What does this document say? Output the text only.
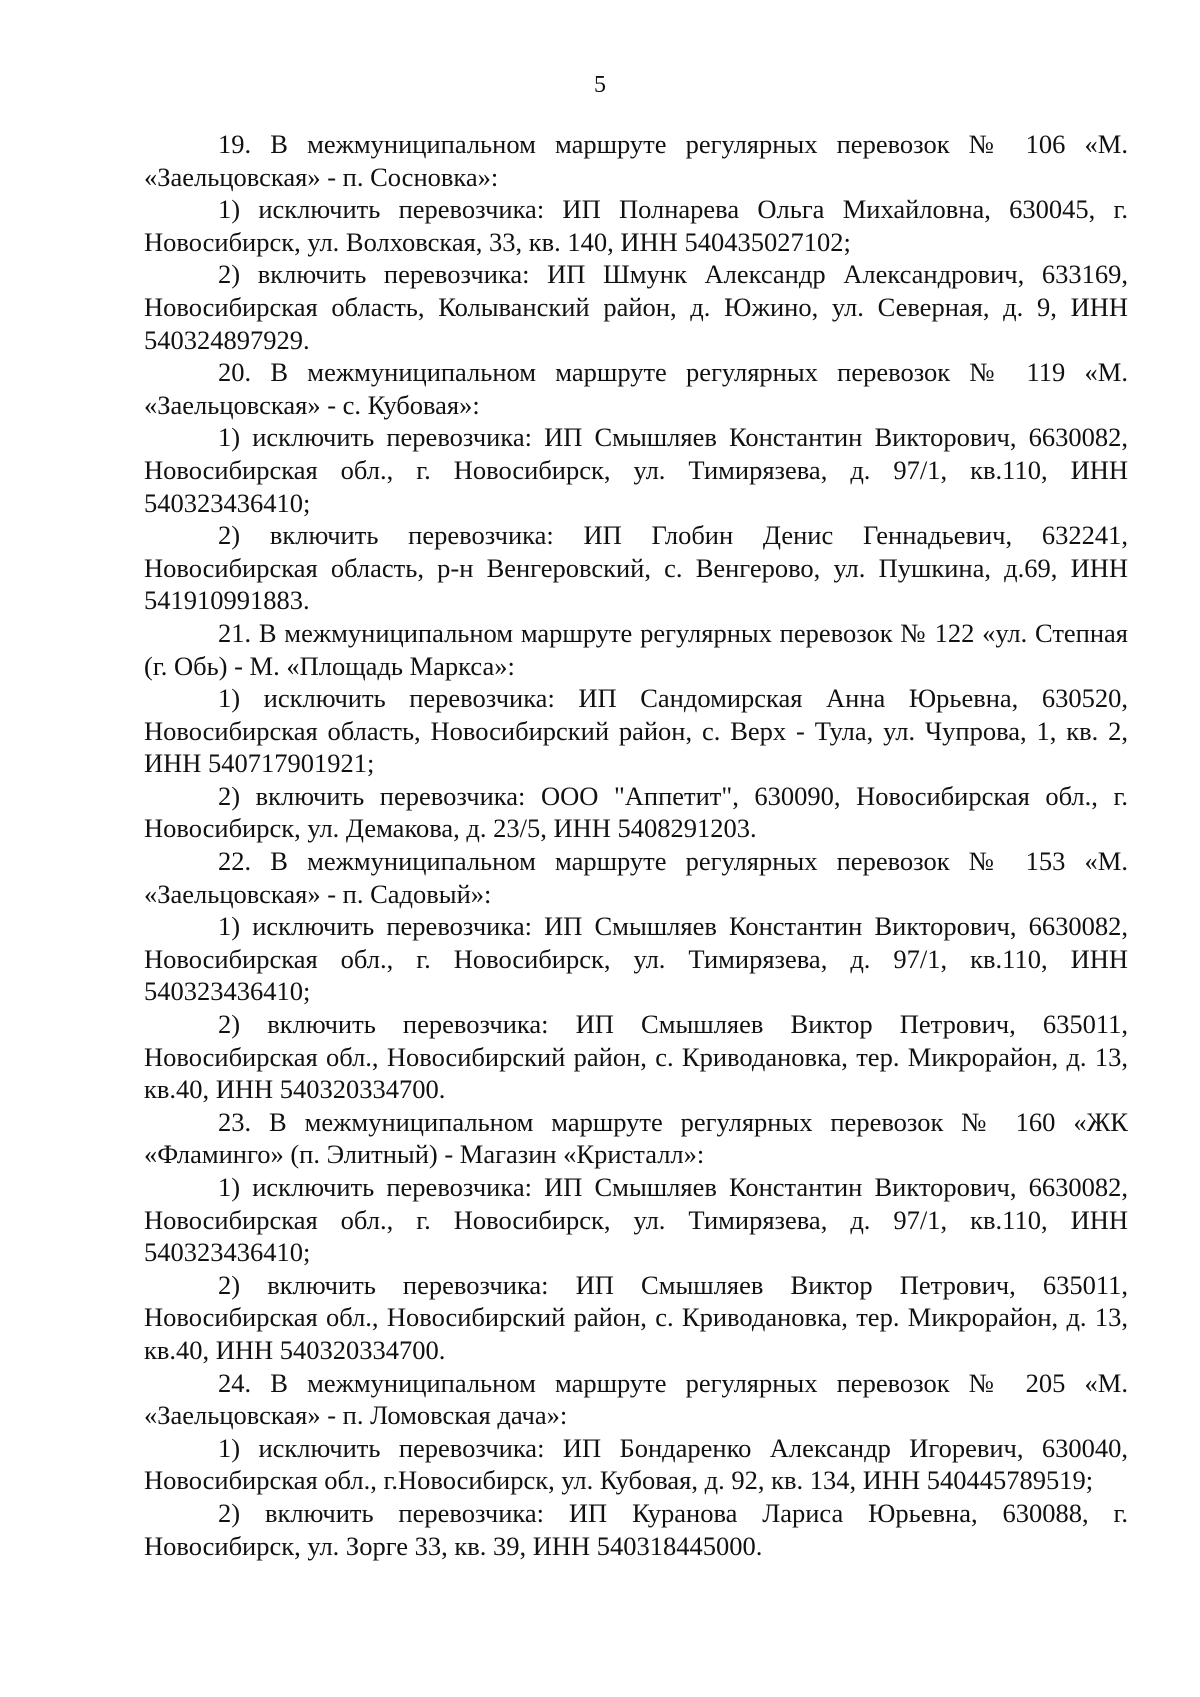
5

19. В межмуниципальном маршруте регулярных перевозок № 106 «М. «Заельцовская» - п. Сосновка»:

1) исключить перевозчика: ИП Полнарева Ольга Михайловна, 630045, г. Новосибирск, ул. Волховская, 33, кв. 140, ИНН 540435027102;

2) включить перевозчика: ИП Шмунк Александр Александрович, 633169, Новосибирская область, Колыванский район, д. Южино, ул. Северная, д. 9, ИНН 540324897929.

20. В межмуниципальном маршруте регулярных перевозок № 119 «М. «Заельцовская» - с. Кубовая»:

1) исключить перевозчика: ИП Смышляев Константин Викторович, 6630082, Новосибирская обл., г. Новосибирск, ул. Тимирязева, д. 97/1, кв.110, ИНН 540323436410;

2) включить перевозчика: ИП Глобин Денис Геннадьевич, 632241, Новосибирская область, р-н Венгеровский, с. Венгерово, ул. Пушкина, д.69, ИНН 541910991883.

21. В межмуниципальном маршруте регулярных перевозок № 122 «ул. Степная (г. Обь) - М. «Площадь Маркса»:

1) исключить перевозчика: ИП Сандомирская Анна Юрьевна, 630520, Новосибирская область, Новосибирский район, с. Верх - Тула, ул. Чупрова, 1, кв. 2, ИНН 540717901921;

2) включить перевозчика: ООО "Аппетит", 630090, Новосибирская обл., г. Новосибирск, ул. Демакова, д. 23/5, ИНН 5408291203.

22. В межмуниципальном маршруте регулярных перевозок № 153 «М. «Заельцовская» - п. Садовый»:

1) исключить перевозчика: ИП Смышляев Константин Викторович, 6630082, Новосибирская обл., г. Новосибирск, ул. Тимирязева, д. 97/1, кв.110, ИНН 540323436410;

2) включить перевозчика: ИП Смышляев Виктор Петрович, 635011, Новосибирская обл., Новосибирский район, с. Криводановка, тер. Микрорайон, д. 13, кв.40, ИНН 540320334700.

23. В межмуниципальном маршруте регулярных перевозок № 160 «ЖК «Фламинго» (п. Элитный) - Магазин «Кристалл»:

1) исключить перевозчика: ИП Смышляев Константин Викторович, 6630082, Новосибирская обл., г. Новосибирск, ул. Тимирязева, д. 97/1, кв.110, ИНН 540323436410;

2) включить перевозчика: ИП Смышляев Виктор Петрович, 635011, Новосибирская обл., Новосибирский район, с. Криводановка, тер. Микрорайон, д. 13, кв.40, ИНН 540320334700.

24. В межмуниципальном маршруте регулярных перевозок № 205 «М. «Заельцовская» - п. Ломовская дача»:

1) исключить перевозчика: ИП Бондаренко Александр Игоревич, 630040, Новосибирская обл., г.Новосибирск, ул. Кубовая, д. 92, кв. 134, ИНН 540445789519;

2) включить перевозчика: ИП Куранова Лариса Юрьевна, 630088, г. Новосибирск, ул. Зорге 33, кв. 39, ИНН 540318445000.
